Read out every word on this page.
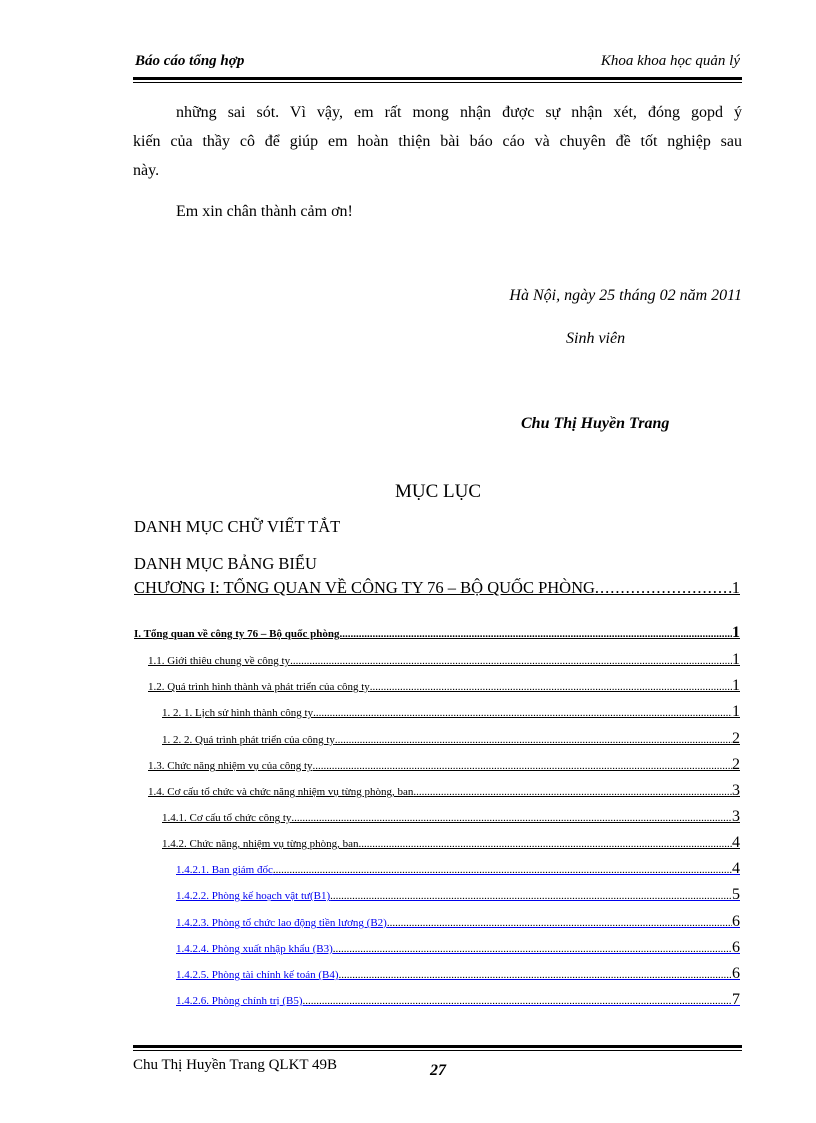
Báo cáo tổng hợp	Khoa khoa học quản lý
những sai sót. Vì vậy, em rất mong nhận được sự nhận xét, đóng gopd ý
kiến của thầy cô để giúp em hoàn thiện bài báo cáo và chuyên đề tốt nghiệp sau
này.
Em xin chân thành cảm ơn!
Hà Nội, ngày 25 tháng 02 năm 2011
Sinh viên
Chu Thị Huyền Trang
MỤC LỤC
DANH MỤC CHỮ VIẾT TẮT
DANH MỤC BẢNG BIỂU
CHƯƠNG I: TỔNG QUAN VỀ CÔNG TY 76 – BỘ QUỐC PHÒNG .....	1
I. Tổng quan về công ty 76 – Bộ quốc phòng .....	1
1.1. Giới thiêu chung về công ty .....	1
1.2. Quá trình hình thành và phát triển của công ty .....	1
1. 2. 1. Lịch sử hình thành công ty .....	1
1. 2. 2. Quá trình phát triển của công ty .....	2
1.3. Chức năng nhiệm vụ của công ty .....	2
1.4. Cơ cấu tổ chức và chức năng nhiệm vụ từng phòng, ban .....	3
1.4.1. Cơ cấu tổ chức công ty .....	3
1.4.2. Chức năng, nhiệm vụ từng phòng, ban .....	4
1.4.2.1. Ban giám đốc .....	4
1.4.2.2. Phòng kế hoạch vật tư(B1) .....	5
1.4.2.3. Phòng tổ chức lao động tiền lương (B2) .....	6
1.4.2.4. Phòng xuất nhập khẩu (B3) .....	6
1.4.2.5. Phòng tài chính kế toán (B4) .....	6
1.4.2.6. Phòng chính trị (B5) .....	7
Chu Thị Huyền Trang QLKT 49B	27
